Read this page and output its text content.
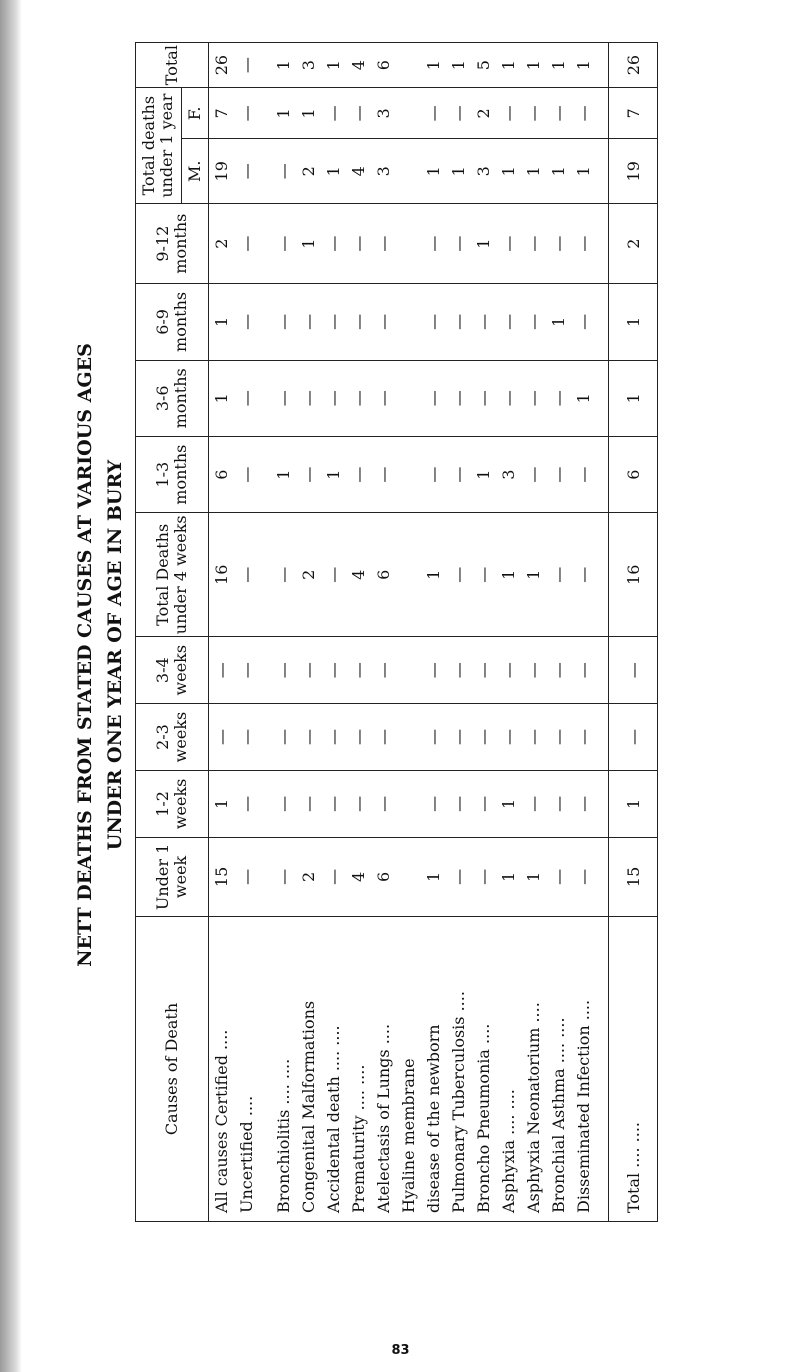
NETT DEATHS FROM STATED CAUSES AT VARIOUS AGES UNDER ONE YEAR OF AGE IN BURY
Causes of Death	Under 1 week	1-2 weeks	2-3 weeks	3-4 weeks	Total Deaths under 4 weeks	1-3 months	3-6 months	6-9 months	9-12 months	Total deaths under 1 year		Total
										M.	F.	
All causes Certified ....	15	1	—	—	16	6	1	1	2	19	7	26
Uncertified ....	—	—	—	—	—	—	—	—	—	—	—	—

Bronchiolitis .... ....	—	—	—	—	—	1	—	—	—	—	1	1
Congenital Malformations	2	—	—	—	2	—	—	—	1	2	1	3
Accidental death .... ....	—	—	—	—	—	1	—	—	—	1	—	1
Prematurity .... ....	4	—	—	—	4	—	—	—	—	4	—	4
Atelectasis of Lungs ....	6	—	—	—	6	—	—	—	—	3	3	6
Hyaline membrane												
disease of the newborn	1	—	—	—	1	—	—	—	—	1	—	1
Pulmonary Tuberculosis ....	—	—	—	—	—	—	—	—	—	1	—	1
Broncho Pneumonia ....	—	—	—	—	—	1	—	—	1	3	2	5
Asphyxia .... ....	1	1	—	—	1	3	—	—	—	1	—	1
Asphyxia Neonatorium ....	1	—	—	—	1	—	—	—	—	1	—	1
Bronchial Asthma .... ....	—	—	—	—	—	—	—	1	—	1	—	1
Disseminated Infection ....	—	—	—	—	—	—	1	—	—	1	—	1

Total .... ....	15	1	—	—	16	6	1	1	2	19	7	26
83
